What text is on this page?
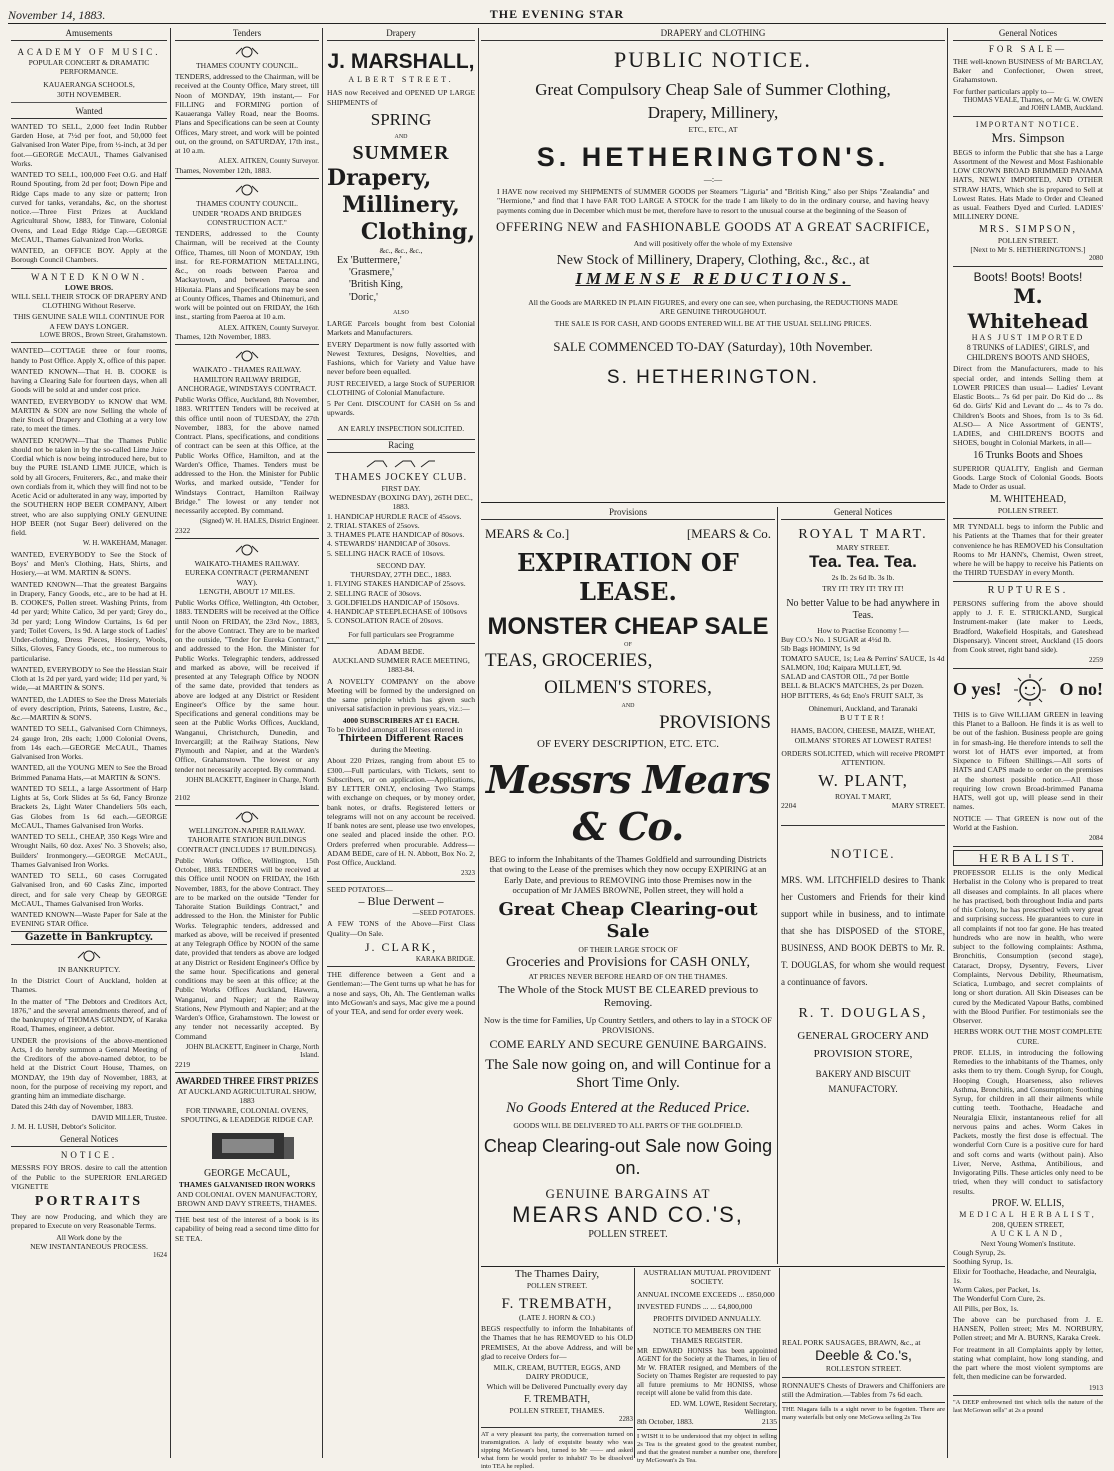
November 14, 1883.	THE EVENING STAR
Amusements
ACADEMY OF MUSIC.
POPULAR CONCERT & DRAMATIC PERFORMANCE.
KAUAERANGA SCHOOLS,
30TH NOVEMBER.
Wanted

WANTED TO SELL, 2,000 feet Indin Rubber Garden Hose, at 7½d per foot, and 50,000 feet Galvanised Iron Water Pipe, from ½-inch, at 3d per foot.—GEORGE McCAUL, Thames Galvanised Works.

WANTED TO SELL, 100,000 Feet O.G. and Half Round Spouting, from 2d per foot; Down Pipe and Ridge Caps made to any size or pattern; Iron curved for tanks, verandahs, &c, on the shortest notice.—Three First Prizes at Auckland Agricultural Show, 1883, for Tinware, Colonial Ovens, and Lead Edge Ridge Cap.—GEORGE McCAUL, Thames Galvanized Iron Works.

WANTED, an OFFICE BOY. Apply at the Borough Council Chambers.

WANTED KNOWN.
LOWE BROS.
WILL SELL THEIR STOCK OF DRAPERY AND CLOTHING Without Reserve.
THIS GENUINE SALE WILL CONTINUE FOR A FEW DAYS LONGER.
LOWE BROS., Brown Street, Grahamstown.

WANTED—COTTAGE three or four rooms, handy to Post Office. Apply X, office of this paper.

WANTED KNOWN—That H. B. COOKE is having a Clearing Sale for fourteen days, when all Goods will be sold at and under cost price.

WANTED, EVERYBODY to KNOW that WM. MARTIN & SON are now Selling the whole of their Stock of Drapery and Clothing at a very low rate, to meet the times.

WANTED KNOWN—That the Thames Public should not be taken in by the so-called Lime Juice Cordial which is now being introduced here, but to buy the PURE ISLAND LIME JUICE, which is sold by all Grocers, Fruiterers, &c., and make their own cordials from it, which they will find not to be Acetic Acid or adulterated in any way, imported by the SOUTHERN HOP BEER COMPANY, Albert street, who are also supplying ONLY GENUINE HOP BEER (not Sugar Beer) delivered on the field.

W. H. WAKEHAM, Manager.

WANTED, EVERYBODY to See the Stock of Boys' and Men's Clothing, Hats, Shirts, and Hosiery,—at WM. MARTIN & SON'S.

WANTED KNOWN—That the greatest Bargains in Drapery, Fancy Goods, etc., are to be had at H. B. COOKE'S, Pollen street. Washing Prints, from 4d per yard; White Calico, 3d per yard; Grey do., 3d per yard; Long Window Curtains, 1s 6d per yard; Toilet Covers, 1s 9d. A large stock of Ladies' Under-clothing, Dress Pieces, Hosiery, Wools, Silks, Gloves, Fancy Goods, etc., too numerous to particularise.

WANTED, EVERYBODY to See the Hessian Stair Cloth at 1s 2d per yard, yard wide; 11d per yard, ¾ wide,—at MARTIN & SON'S.

WANTED, the LADIES to See the Dress Materials of every description, Prints, Sateens, Lustre, &c., &c.—MARTIN & SON'S.

WANTED TO SELL, Galvanised Corn Chimneys, 24 gauge Iron, 20s each; 1,000 Colonial Ovens, from 14s each.—GEORGE McCAUL, Thames Galvanised Iron Works.

WANTED, all the YOUNG MEN to See the Broad Brimmed Panama Hats,—at MARTIN & SON'S.

WANTED TO SELL, a large Assortment of Harp Lights at 5s, Cork Slides at 5s 6d, Fancy Bronze Brackets 2s, Light Water Chandeliers 50s each, Gas Globes from 1s 6d each.—GEORGE McCAUL, Thames Galvanised Iron Works.

WANTED TO SELL, CHEAP, 350 Kegs Wire and Wrought Nails, 60 doz. Axes' No. 3 Shovels; also, Builders' Ironmongery.—GEORGE McCAUL, Thames Galvanised Iron Works.

WANTED TO SELL, 60 cases Corrugated Galvanised Iron, and 60 Casks Zinc, imported direct, and for sale very Cheap by GEORGE McCAUL, Thames Galvanised Iron Works.

WANTED KNOWN—Waste Paper for Sale at the EVENING STAR Office.

Gazette in Bankruptcy.
IN BANKRUPTCY.

In the District Court of Auckland, holden at Thames.

In the matter of "The Debtors and Creditors Act, 1876," and the several amendments thereof, and of the bankruptcy of THOMAS GRUNDY, of Karaka Road, Thames, engineer, a debtor.

UNDER the provisions of the above-mentioned Acts, I do hereby summon a General Meeting of the Creditors of the above-named debtor, to be held at the District Court House, Thames, on MONDAY, the 19th day of November, 1883, at noon, for the purpose of receiving my report, and granting him an immediate discharge.

Dated this 24th day of November, 1883.

DAVID MILLER, Trustee.
J. M. H. LUSH, Debtor's Solicitor.
General Notices
NOTICE.

MESSRS FOY BROS. desire to call the attention of the Public to the SUPERIOR ENLARGED VIGNETTE

PORTRAITS

They are now Producing, and which they are prepared to Execute on very Reasonable Terms.

All Work done by the
NEW INSTANTANEOUS PROCESS.
1624
Tenders
THAMES COUNTY COUNCIL.

TENDERS, addressed to the Chairman, will be received at the County Office, Mary street, till Noon of MONDAY, 19th instant,— For FILLING and FORMING portion of Kauaeranga Valley Road, near the Booms. Plans and Specifications can be seen at County Offices, Mary street, and work will be pointed out, on the ground, on SATURDAY, 17th inst., at 10 a.m.

ALEX. AITKEN, County Surveyor.
Thames, November 12th, 1883.
THAMES COUNTY COUNCIL.
UNDER "ROADS AND BRIDGES CONSTRUCTION ACT."

TENDERS, addressed to the County Chairman, will be received at the County Office, Thames, till Noon of MONDAY, 19th inst. for RE-FORMATION METALLING, &c., on roads between Paeroa and Mackaytown, and between Paeroa and Hikutaia. Plans and Specifications may be seen at County Offices, Thames and Ohinemuri, and work will be pointed out on FRIDAY, the 16th inst., starting from Paeroa at 10 a.m.

ALEX. AITKEN, County Surveyor.
Thames, 12th November, 1883.
WAIKATO - THAMES RAILWAY.
HAMILTON RAILWAY BRIDGE, ANCHORAGE, WINDSTAYS CONTRACT.

Public Works Office, Auckland, 8th November, 1883. WRITTEN Tenders will be received at this office until noon of TUESDAY, the 27th November, 1883, for the above named Contract. Plans, specifications, and conditions of contract can be seen at this Office, at the Public Works Office, Hamilton, and at the Warden's Office, Thames. Tenders must be addressed to the Hon. the Minister for Public Works, and marked outside, "Tender for Windstays Contract, Hamilton Railway Bridge." The lowest or any tender not necessarily accepted. By command.

(Signed) W. H. HALES, District Engineer.
2322
WAIKATO-THAMES RAILWAY.
EUREKA CONTRACT (PERMANENT WAY).
LENGTH, ABOUT 17 MILES.

Public Works Office, Wellington, 4th October, 1883. TENDERS will be received at the Office until Noon on FRIDAY, the 23rd Nov., 1883, for the above Contract. They are to be marked on the outside, "Tender for Eureka Contract," and addressed to the Hon. the Minister for Public Works. Telegraphic tenders, addressed and marked as above, will be received if presented at any Telegraph Office by NOON of the same date, provided that tenders as above are lodged at any District or Resident Engineer's Office by the same hour. Specifications and general conditions may be seen at the Public Works Offices, Auckland, Wanganui, Christchurch, Dunedin, and Invercargill; at the Railway Stations, New Plymouth and Napier, and at the Warden's Office, Grahamstown. The lowest or any tender not necessarily accepted. By command.

JOHN BLACKETT, Engineer in Charge, North Island.
2102
WELLINGTON-NAPIER RAILWAY.
TAHORAITE STATION BUILDINGS CONTRACT (INCLUDES 17 BUILDINGS).

Public Works Office, Wellington, 15th October, 1883. TENDERS will be received at this Office until NOON on FRIDAY, the 16th November, 1883, for the above Contract. They are to be marked on the outside "Tender for Tahoraite Station Buildings Contract," and addressed to the Hon. the Minister for Public Works. Telegraphic tenders, addressed and marked as above, will be received if presented at any Telegraph Office by NOON of the same date, provided that tenders as above are lodged at any District or Resident Engineer's Office by the same hour. Specifications and general conditions may be seen at this office; at the Public Works Offices Auckland, Hawera, Wanganui, and Napier; at the Railway Stations, New Plymouth and Napier; and at the Warden's Office, Grahamstown. The lowest or any tender not necessarily accepted. By Command

JOHN BLACKETT, Engineer in Charge, North Island.
2219
AWARDED THREE FIRST PRIZES
AT AUCKLAND AGRICULTURAL SHOW, 1883
FOR TINWARE, COLONIAL OVENS, SPOUTING, & LEADEDGE RIDGE CAP.
GEORGE McCAUL,
THAMES GALVANISED IRON WORKS
AND COLONIAL OVEN MANUFACTORY,
BROWN AND DAVY STREETS, THAMES.

THE best test of the interest of a book is its capability of being read a second time ditto for SE TEA.

Drapery
J. MARSHALL,
ALBERT STREET.

HAS now Received and OPENED UP LARGE SHIPMENTS of

SPRING
AND
SUMMER
Drapery,
Millinery,
Clothing,
&c., &c., &c.,
Ex 'Buttermere,'
'Grasmere,'
'British King,
'Doric,'
ALSO

LARGE Parcels bought from best Colonial Markets and Manufacturers.

EVERY Department is now fully assorted with Newest Textures, Designs, Novelties, and Fashions, which for Variety and Value have never before been equalled.

JUST RECEIVED, a large Stock of SUPERIOR CLOTHING of Colonial Manufacture.

5 Per Cent. DISCOUNT for CASH on 5s and upwards.

AN EARLY INSPECTION SOLICITED.
Racing
THAMES JOCKEY CLUB.
FIRST DAY.
WEDNESDAY (BOXING DAY), 26TH DEC., 1883.
1. HANDICAP HURDLE RACE of 45sovs.
2. TRIAL STAKES of 25sovs.
3. THAMES PLATE HANDICAP of 80sovs.
4. STEWARDS' HANDICAP of 30sovs.
5. SELLING HACK RACE of 10sovs.
SECOND DAY.
THURSDAY, 27TH DEC., 1883.
1. FLYING STAKES HANDICAP of 25sovs.
2. SELLING RACE of 30sovs.
3. GOLDFIELDS HANDICAP of 150sovs.
4. HANDICAP STEEPLECHASE of 100sovs
5. CONSOLATION RACE of 20sovs.
For full particulars see Programme
ADAM BEDE.
AUCKLAND SUMMER RACE MEETING, 1883-84.

A NOVELTY COMPANY on the above Meeting will be formed by the undersigned on the same principle which has given such universal satisfaction in previous years, viz.:—

4000 SUBSCRIBERS AT £1 EACH.
To be Divided amongst all Horses entered in
Thirteen Different Races
during the Meeting.

About 220 Prizes, ranging from about £5 to £300.—Full particulars, with Tickets, sent to Subscribers, or on application.—Applications, BY LETTER ONLY, enclosing Two Stamps with exchange on cheques, or by money order, bank notes, or drafts. Registered letters or telegrams will not on any account be received. If bank notes are sent, please use two envelopes, one sealed and placed inside the other. P.O. Orders preferred when procurable. Address—ADAM BEDE, care of H. N. Abbott, Box No. 2, Post Office, Auckland.

2323
SEED POTATOES—
– Blue Derwent –
—SEED POTATOES.

A FEW TONS of the Above—First Class Quality—On Sale.

J. CLARK,
KARAKA BRIDGE.

THE difference between a Gent and a Gentleman:—The Gent turns up what he has for a nose and says, Oh, Ah. The Gentleman walks into McGowan's and says, Mac give me a pound of your TEA, and send for order every week.

DRAPERY and CLOTHING
PUBLIC NOTICE.
Great Compulsory Cheap Sale of Summer Clothing,
Drapery, Millinery,
ETC., ETC., AT
S. HETHERINGTON'S.
—:—

I HAVE now received my SHIPMENTS of SUMMER GOODS per Steamers "Liguria" and "British King," also per Ships "Zealandia" and "Hermione," and find that I have FAR TOO LARGE A STOCK for the trade I am likely to do in the ordinary course, and having heavy payments coming due in December which must be met, therefore have to resort to the unusual course at the beginning of the Season of

OFFERING NEW and FASHIONABLE GOODS AT A GREAT SACRIFICE,
And will positively offer the whole of my Extensive
New Stock of Millinery, Drapery, Clothing, &c., &c., at
IMMENSE REDUCTIONS.

All the Goods are MARKED IN PLAIN FIGURES, and every one can see, when purchasing, the REDUCTIONS MADE ARE GENUINE THROUGHOUT.

THE SALE IS FOR CASH, AND GOODS ENTERED WILL BE AT THE USUAL SELLING PRICES.
SALE COMMENCED TO-DAY (Saturday), 10th November.
S. HETHERINGTON.
Provisions
MEARS & Co.]	[MEARS & Co.
EXPIRATION OF LEASE.
MONSTER CHEAP SALE
OF
TEAS, GROCERIES,
OILMEN'S STORES,
AND
PROVISIONS
OF EVERY DESCRIPTION, ETC. ETC.
Messrs Mears & Co.

BEG to inform the Inhabitants of the Thames Goldfield and surrounding Districts that owing to the Lease of the premises which they now occupy EXPIRING at an Early Date, and previous to REMOVING into those Premises now in the occupation of Mr JAMES BROWNE, Pollen street, they will hold a

Great Cheap Clearing-out Sale
OF THEIR LARGE STOCK OF
Groceries and Provisions for CASH ONLY,
AT PRICES NEVER BEFORE HEARD OF ON THE THAMES.
The Whole of the Stock MUST BE CLEARED previous to Removing.
Now is the time for Families, Up Country Settlers, and others to lay in a STOCK OF PROVISIONS.
COME EARLY AND SECURE GENUINE BARGAINS.
The Sale now going on, and will Continue for a Short Time Only.
No Goods Entered at the Reduced Price.
GOODS WILL BE DELIVERED TO ALL PARTS OF THE GOLDFIELD.
Cheap Clearing-out Sale now Going on.
GENUINE BARGAINS AT
MEARS AND CO.'S,
POLLEN STREET.
General Notices
ROYAL T MART.
MARY STREET.
Tea. Tea. Tea.
2s lb. 2s 6d lb. 3s lb.
TRY IT! TRY IT! TRY IT!
No better Value to be had anywhere in Teas.
How to Practise Economy !—
Buy CO.'s No. 1 SUGAR at 4½d lb.
5lb Bags HOMINY, 1s 9d
TOMATO SAUCE, 1s; Lea & Perrins' SAUCE, 1s 4d
SALMON, 10d; Kaipara MULLET, 9d.
SALAD and CASTOR OIL, 7d per Bottle
BELL & BLACK'S MATCHES, 2s per Dozen.
HOP BITTERS, 4s 6d; Eno's FRUIT SALT, 3s
Ohinemuri, Auckland, and Taranaki
BUTTER!
HAMS, BACON, CHEESE, MAIZE, WHEAT, OILMANS' STORES AT LOWEST RATES!
ORDERS SOLICITED, which will receive PROMPT ATTENTION.
W. PLANT,
ROYAL T MART,
2204	MARY STREET.
NOTICE.

MRS. WM. LITCHFIELD desires to Thank her Customers and Friends for their kind support while in business, and to intimate that she has DISPOSED of the STORE, BUSINESS, AND BOOK DEBTS to Mr. R. T. DOUGLAS, for whom she would request a continuance of favors.

R. T. DOUGLAS,
GENERAL GROCERY AND PROVISION STORE,
BAKERY AND BISCUIT MANUFACTORY.
The Thames Dairy,
POLLEN STREET.
F. TREMBATH,
(LATE J. HORN & CO.)

BEGS respectfully to inform the Inhabitants of the Thames that he has REMOVED to his OLD PREMISES, At the above Address, and will be glad to receive Orders for—

MILK, CREAM, BUTTER, EGGS, AND DAIRY PRODUCE,
Which will be Delivered Punctually every day
F. TREMBATH,
POLLEN STREET, THAMES.
2283

AT a very pleasant tea party, the conversation turned on transmigration. A lady of exquisite beauty who was sipping McGowan's best, turned to Mr —— and asked what form he would prefer to inhabit? To be dissolved into TEA he replied.

AUSTRALIAN MUTUAL PROVIDENT SOCIETY.
ANNUAL INCOME EXCEEDS ... £850,000
INVESTED FUNDS ... ... £4,800,000
PROFITS DIVIDED ANNUALLY.
NOTICE TO MEMBERS ON THE THAMES REGISTER.

MR EDWARD HONISS has been appointed AGENT for the Society at the Thames, in lieu of Mr W. FRATER resigned, and Members of the Society on Thames Register are requested to pay all future premiums to Mr HONISS, whose receipt will alone be valid from this date.

ED. WM. LOWE, Resident Secretary, Wellington.
8th October, 1883.	2135

I WISH it to be understood that my object in selling 2s Tea is the greatest good to the greatest number, and that the greatest number a number one, therefore try McGowan's 2s Tea.

REAL PORK SAUSAGES, BRAWN, &c., at
Deeble & Co.'s,
ROLLESTON STREET.

RONNAUE'S Chests of Drawers and Chiffoniers are still the Admiration.—Tables from 7s 6d each.

THE Niagara falls is a sight never to be fogotten. There are many waterfalls but only one McGowa selling 2s Tea

General Notices
FOR SALE—

THE well-known BUSINESS of Mr BARCLAY, Baker and Confectioner, Owen street, Grahamstown.

For further particulars apply to—
THOMAS VEALE, Thames, or Mr G. W. OWEN and JOHN LAMB, Auckland.
IMPORTANT NOTICE.
Mrs. Simpson

BEGS to inform the Public that she has a Large Assortment of the Newest and Most Fashionable LOW CROWN BROAD BRIMMED PANAMA HATS, NEWLY IMPORTED, AND OTHER STRAW HATS, Which she is prepared to Sell at Lowest Rates. Hats Made to Order and Cleaned as usual. Feathers Dyed and Curled. LADIES' MILLINERY DONE.

MRS. SIMPSON,
POLLEN STREET.
[Next to Mr S. HETHERINGTON'S.]
2080
Boots! Boots! Boots!
M. Whitehead
HAS JUST IMPORTED
8 TRUNKS of LADIES', GIRLS', and CHILDREN'S BOOTS AND SHOES,

Direct from the Manufacturers, made to his special order, and intends Selling them at LOWER PRICES than usual— Ladies' Levant Elastic Boots... 7s 6d per pair. Do Kid do ... 8s 6d do. Girls' Kid and Levant do ... 4s to 7s do. Children's Boots and Shoes, from 1s to 3s 6d. ALSO— A Nice Assortment of GENTS', LADIES, and CHILDREN'S BOOTS and SHOES, bought in Colonial Markets, in all—

16 Trunks Boots and Shoes

SUPERIOR QUALITY, English and German Goods. Large Stock of Colonial Goods. Boots Made to Order as usual.

M. WHITEHEAD,
POLLEN STREET.

MR TYNDALL begs to inform the Public and his Patients at the Thames that for their greater convenience he has REMOVED his Consultation Rooms to Mr HANN's, Chemist, Owen street, where he will be happy to receive his Patients on the THIRD TUESDAY in every Month.

RUPTURES.

PERSONS suffering from the above should apply to J. F. E. STRICKLAND, Surgical Instrument-maker (late maker to Leeds, Bradford, Wakefield Hospitals, and Gateshead Dispensary). Vincent street, Auckland (15 doors from Cook street, right band side).

2259
O yes!	O no!

THIS is to Give WILLIAM GREEN in leaving this Planet to a Balloon. He finds it is as well to be out of the fashion. Business people are going in for smash-ing. He therefore intends to sell the worst lot of HATS ever imported, at from Sixpence to Fifteen Shillings.—All sorts of HATS and CAPS made to order on the premises at the shortest possible notice.—All those requiring low crown Broad-brimmed Panama HATS, well got up, will please send in their names.

NOTICE — That GREEN is now out of the World at the Fashion.

2084
HERBALIST.

PROFESSOR ELLIS is the only Medical Herbalist in the Colony who is prepared to treat all diseases and complaints. In all places where he has practised, both throughout India and parts of this Colony, he has prescribed with very great and surprising success. He guarantees to cure in all complaints if not too far gone. He has treated hundreds who are now in health, who were subject to the following complaints: Asthma, Bronchitis, Consumption (second stage), Cataract, Dropsy, Dysentry, Fevers, Liver Complaints, Nervous Debility, Rheumatism, Sciatica, Lumbago, and secret complaints of long or short duration. All Skin Diseases can be cured by the Medicated Vapour Baths, combined with the Blood Purifier. For testimonials see the Observer.

HERBS WORK OUT THE MOST COMPLETE CURE.

PROF. ELLIS, in introducing the following Remedies to the inhabitants of the Thames, only asks them to try them. Cough Syrup, for Cough, Hooping Cough, Hoarseness, also relieves Asthma, Bronchitis, and Consumption; Soothing Syrup, for children in all their ailments while cutting teeth. Toothache, Headache and Neuralgia Elixir, instantaneous relief for all nervous pains and aches. Worm Cakes in Packets, mostly the first dose is effectual. The wonderful Corn Cure is a positive cure for hard and soft corns and warts (without pain). Also Liver, Nerve, Asthma, Antibilious, and Invigorating Pills. These articles only need to be tried, when they will conduct to satisfactory results.

PROF. W. ELLIS,
MEDICAL HERBALIST,
208, QUEEN STREET,
AUCKLAND,
Next Young Women's Institute.
Cough Syrup, 2s.
Soothing Syrup, 1s.
Elixir for Toothache, Headache, and Neuralgia, 1s.
Worm Cakes, per Packet, 1s.
The Wonderful Corn Cure, 2s.
All Pills, per Box, 1s.

The above can be purchased from J. E. HANSEN, Pollen street; Mrs M. NORBURY, Pollen street; and Mr A. BURNS, Karaka Creek.

For treatment in all Complaints apply by letter, stating what complaint, how long standing, and the part where the most violent symptoms are felt, then medicine can be forwarded.

1913

"A DEEP embrowned tint which tells the nature of the last McGowan sells" at 2s a pound
